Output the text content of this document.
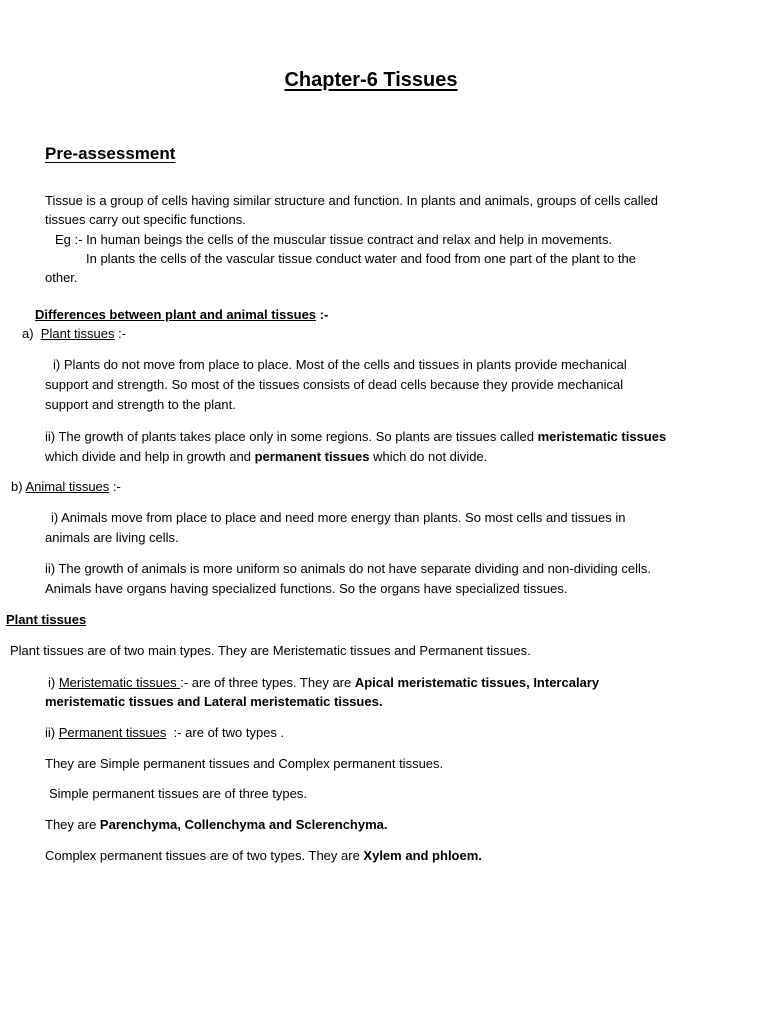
Chapter-6 Tissues
Pre-assessment

Tissue is a group of cells having similar structure and function. In plants and animals, groups of cells called
tissues carry out specific functions.

Eg :- In human beings the cells of the muscular tissue contract and relax and help in movements.
In plants the cells of the vascular tissue conduct water and food from one part of the plant to the
other.

Differences between plant and animal tissues :-

a)  Plant tissues :-

i) Plants do not move from place to place. Most of the cells and tissues in plants provide mechanical
support and strength. So most of the tissues consists of dead cells because they provide mechanical
support and strength to the plant.

ii) The growth of plants takes place only in some regions. So plants are tissues called meristematic tissues
which divide and help in growth and permanent tissues which do not divide.

b) Animal tissues :-

i) Animals move from place to place and need more energy than plants. So most cells and tissues in
animals are living cells.

ii) The growth of animals is more uniform so animals do not have separate dividing and non-dividing cells.
Animals have organs having specialized functions. So the organs have specialized tissues.

Plant tissues

Plant tissues are of two main types. They are Meristematic tissues and Permanent tissues.

i) Meristematic tissues :- are of three types. They are Apical meristematic tissues, Intercalary
meristematic tissues and Lateral meristematic tissues.

ii) Permanent tissues  :- are of two types .

They are Simple permanent tissues and Complex permanent tissues.

Simple permanent tissues are of three types.

They are Parenchyma, Collenchyma and Sclerenchyma.

Complex permanent tissues are of two types. They are Xylem and phloem.
